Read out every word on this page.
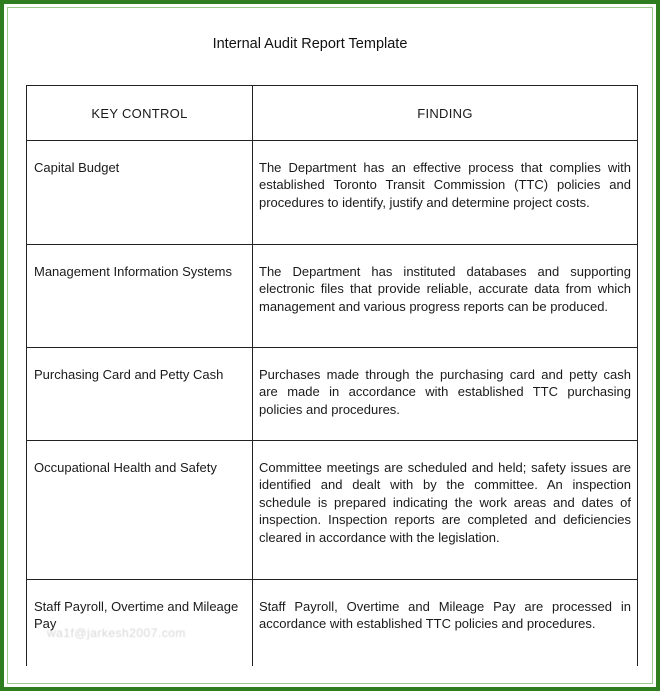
Internal Audit Report Template
KEY CONTROL	FINDING
Capital Budget	The Department has an effective process that complies with established Toronto Transit Commission (TTC) policies and procedures to identify, justify and determine project costs.
Management Information Systems	The Department has instituted databases and supporting electronic files that provide reliable, accurate data from which management and various progress reports can be produced.
Purchasing Card and Petty Cash	Purchases made through the purchasing card and petty cash are made in accordance with established TTC purchasing policies and procedures.
Occupational Health and Safety	Committee meetings are scheduled and held; safety issues are identified and dealt with by the committee. An inspection schedule is prepared indicating the work areas and dates of inspection. Inspection reports are completed and deficiencies cleared in accordance with the legislation.
Staff Payroll, Overtime and Mileage Pay	Staff Payroll, Overtime and Mileage Pay are processed in accordance with established TTC policies and procedures.
wa1f@jarkesh2007.com
